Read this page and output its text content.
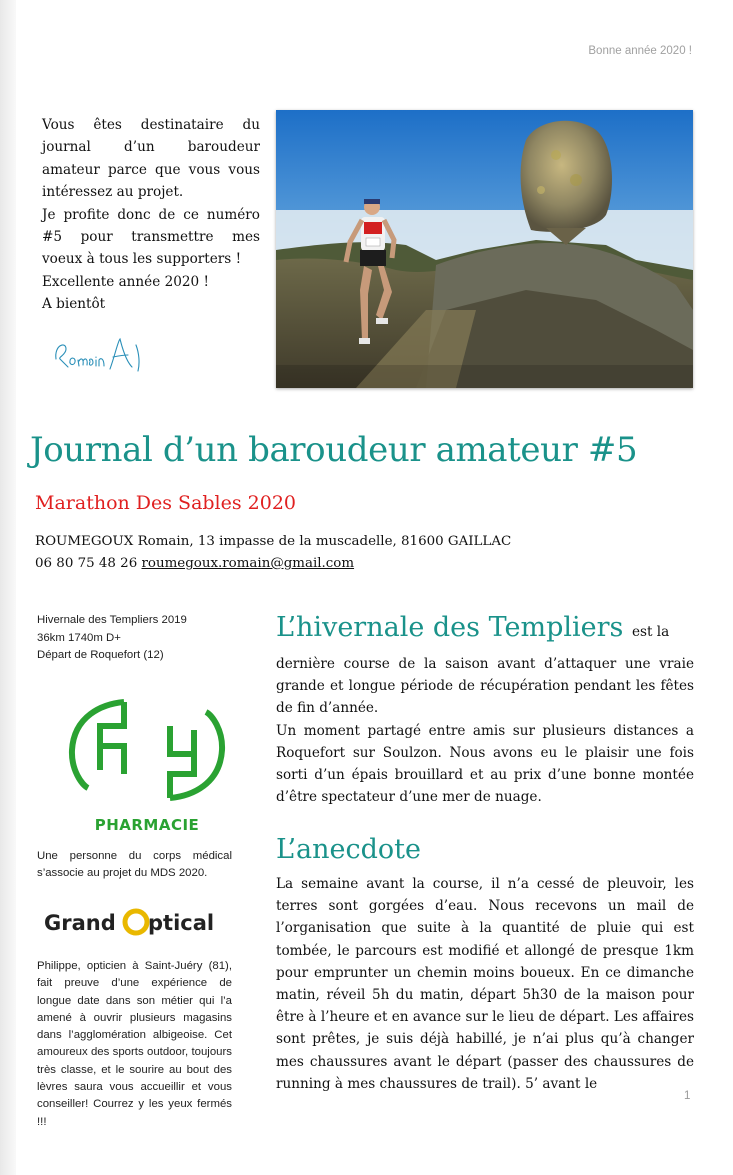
Bonne année 2020 !

Vous êtes destinataire du journal d’un baroudeur amateur parce que vous vous intéressez au projet.

Je profite donc de ce numéro #5 pour transmettre mes voeux à tous les supporters !

Excellente année 2020 !

A bientôt

Journal d’un baroudeur amateur #5
Marathon Des Sables 2020
ROUMEGOUX Romain, 13 impasse de la muscadelle, 81600 GAILLAC
06 80 75 48 26 roumegoux.romain@gmail.com
Hivernale des Templiers 2019
36km 1740m D+
Départ de Roquefort (12)
PHARMACIE
Une personne du corps médical s’associe au projet du MDS 2020.
Grand ptical
Philippe, opticien à Saint-Juéry (81), fait preuve d’une expérience de longue date dans son métier qui l’a amené à ouvrir plusieurs magasins dans l’agglomération albigeoise. Cet amoureux des sports outdoor, toujours très classe, et le sourire au bout des lèvres saura vous accueillir et vous conseiller! Courrez y les yeux fermés !!!
L’hivernale des Templiers est la

dernière course de la saison avant d’attaquer une vraie grande et longue période de récupération pendant les fêtes de fin d’année.

Un moment partagé entre amis sur plusieurs distances a Roquefort sur Soulzon. Nous avons eu le plaisir une fois sorti d’un épais brouillard et au prix d’une bonne montée d’être spectateur d’une mer de nuage.

L’anecdote

La semaine avant la course, il n’a cessé de pleuvoir, les terres sont gorgées d’eau. Nous recevons un mail de l’organisation que suite à la quantité de pluie qui est tombée, le parcours est modifié et allongé de presque 1km pour emprunter un chemin moins boueux. En ce dimanche matin, réveil 5h du matin, départ 5h30 de la maison pour être à l’heure et en avance sur le lieu de départ. Les affaires sont prêtes, je suis déjà habillé, je n’ai plus qu’à changer mes chaussures avant le départ (passer des chaussures de running à mes chaussures de trail). 5’ avant le

1
